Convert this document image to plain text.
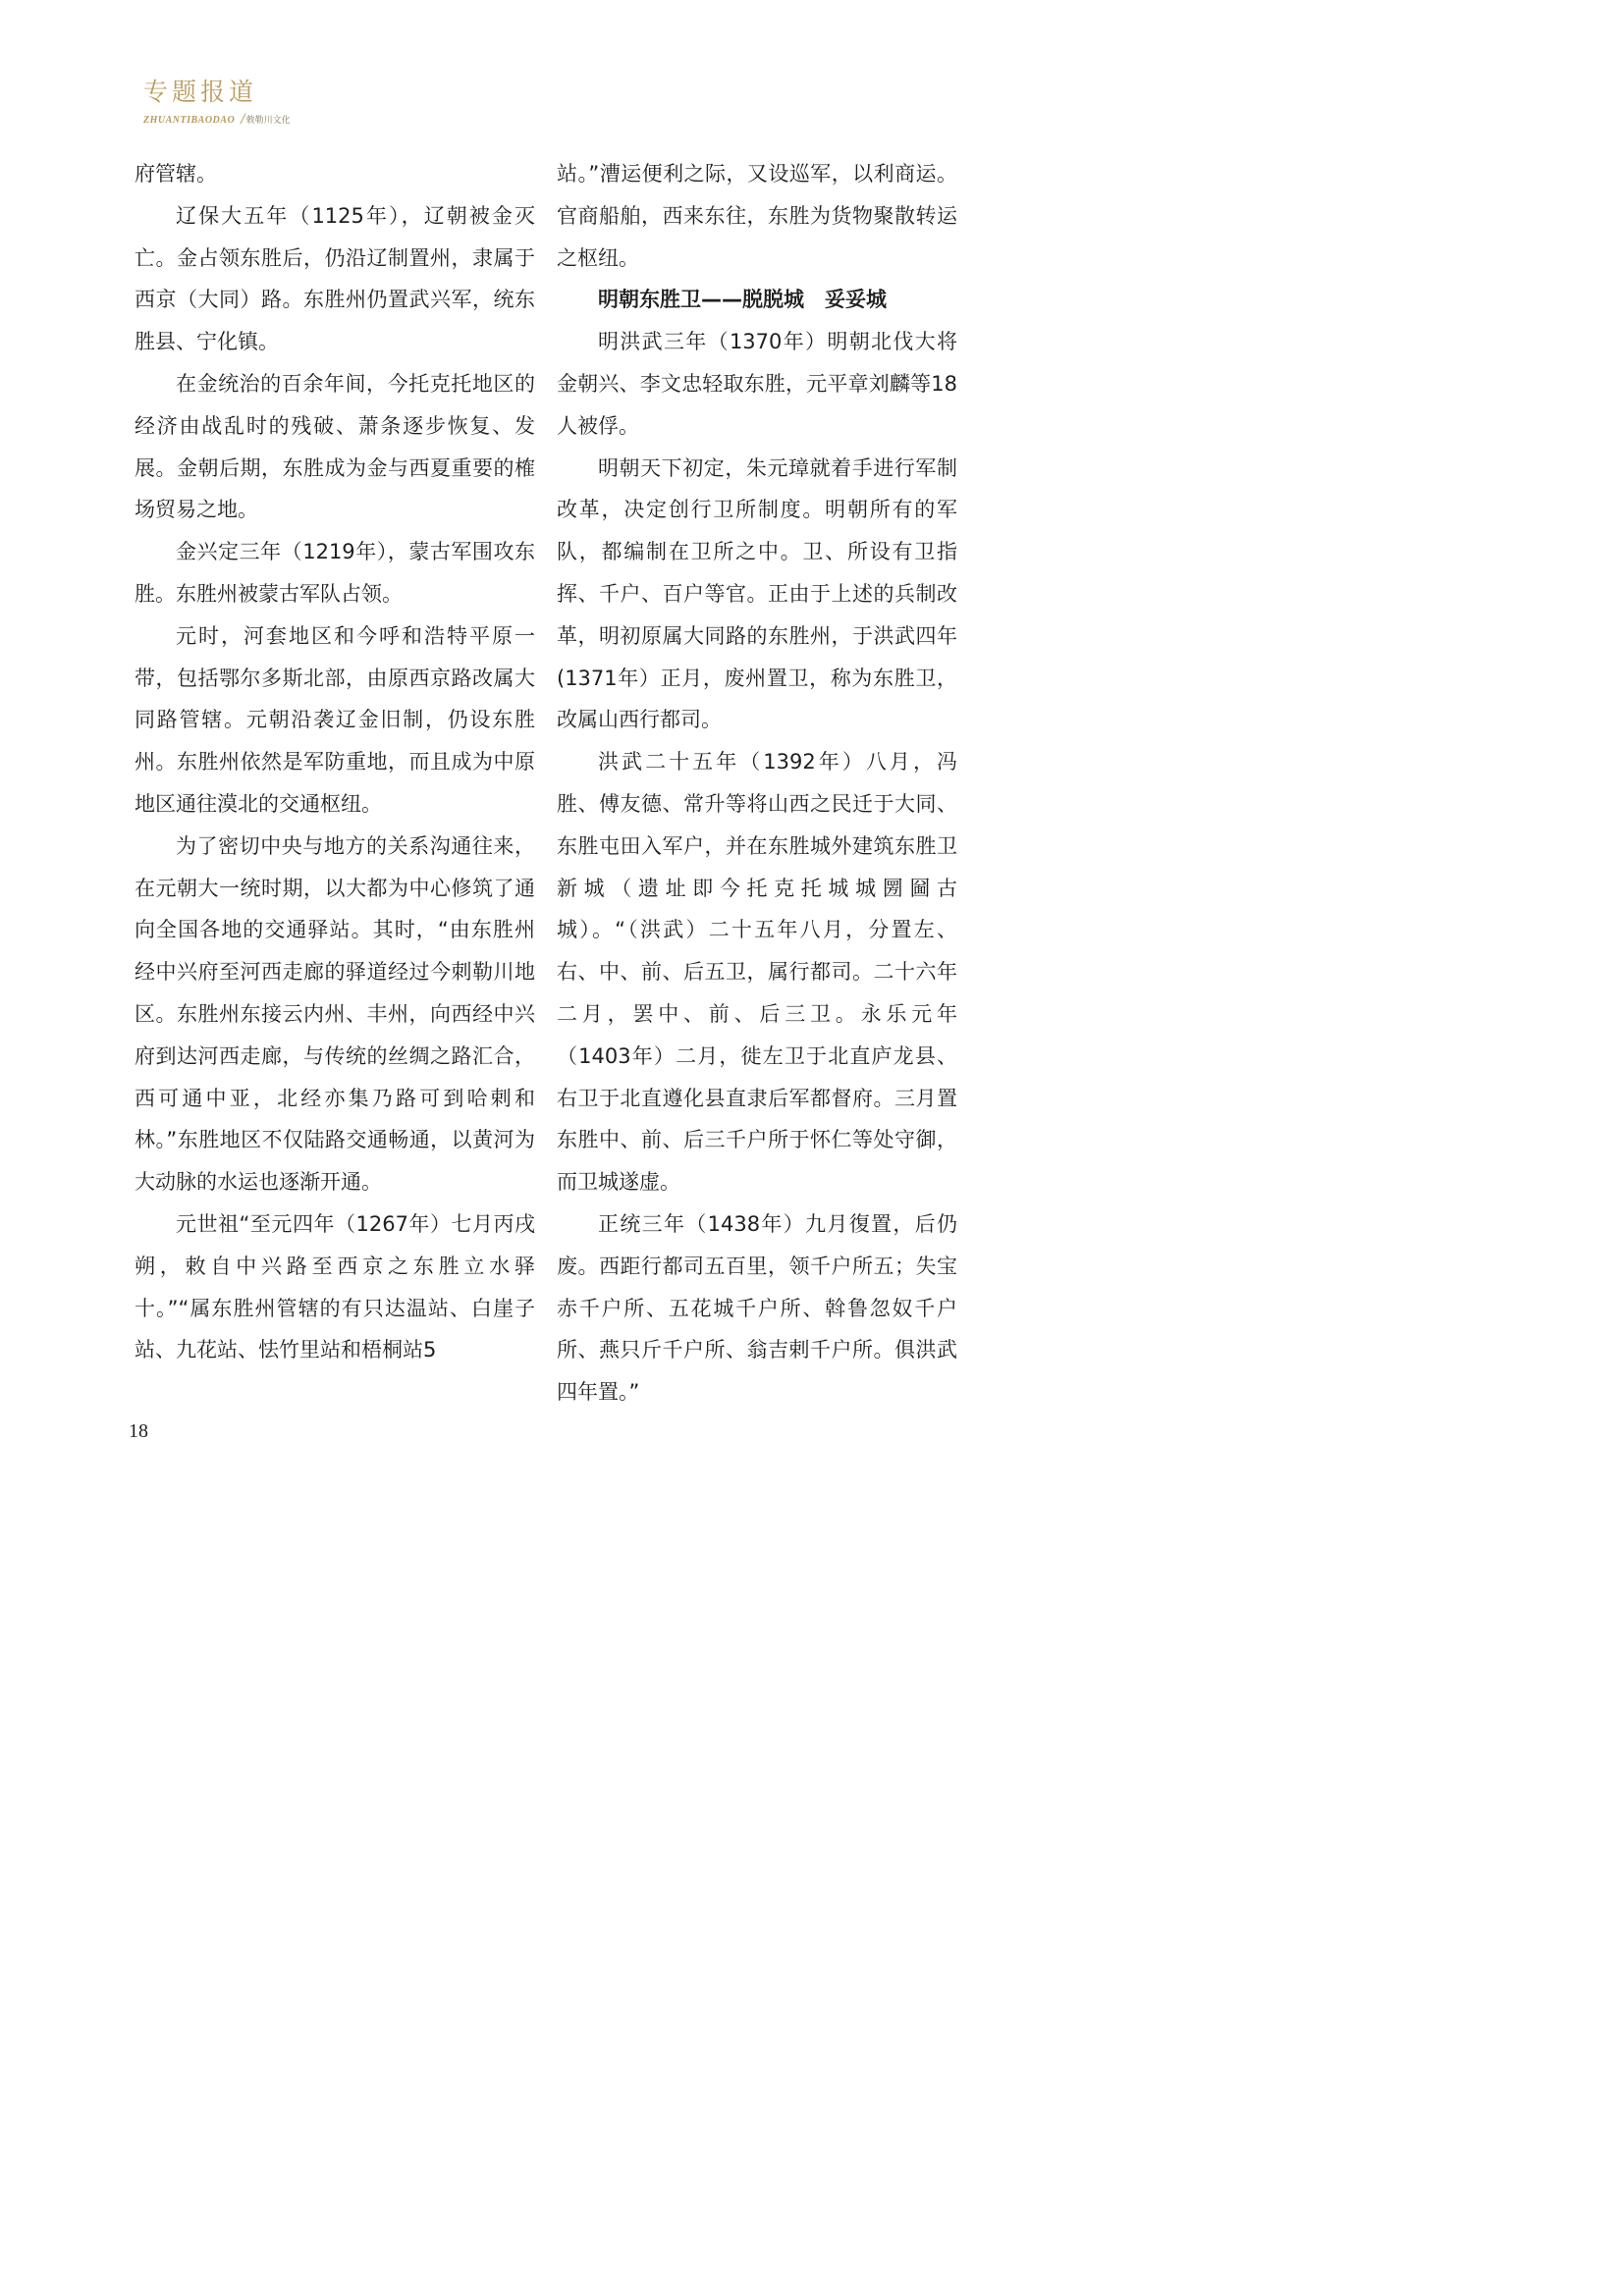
专题报道
ZHUANTIBAODAO /敕勒川文化

府管辖。

辽保大五年（1125年），辽朝被金灭亡。金占领东胜后，仍沿辽制置州，隶属于西京（大同）路。东胜州仍置武兴军，统东胜县、宁化镇。

在金统治的百余年间，今托克托地区的经济由战乱时的残破、萧条逐步恢复、发展。金朝后期，东胜成为金与西夏重要的榷场贸易之地。

金兴定三年（1219年），蒙古军围攻东胜。东胜州被蒙古军队占领。

元时，河套地区和今呼和浩特平原一带，包括鄂尔多斯北部，由原西京路改属大同路管辖。元朝沿袭辽金旧制，仍设东胜州。东胜州依然是军防重地，而且成为中原地区通往漠北的交通枢纽。

为了密切中央与地方的关系沟通往来，在元朝大一统时期，以大都为中心修筑了通向全国各地的交通驿站。其时，“由东胜州经中兴府至河西走廊的驿道经过今刺勒川地区。东胜州东接云内州、丰州，向西经中兴府到达河西走廊，与传统的丝绸之路汇合，西可通中亚，北经亦集乃路可到哈剌和林。”东胜地区不仅陆路交通畅通，以黄河为大动脉的水运也逐渐开通。

元世祖“至元四年（1267年）七月丙戌朔，敕自中兴路至西京之东胜立水驿十。”“属东胜州管辖的有只达温站、白崖子站、九花站、怯竹里站和梧桐站5

站。”漕运便利之际，又设巡军，以利商运。官商船舶，西来东往，东胜为货物聚散转运之枢纽。

明朝东胜卫——脱脱城　妥妥城

明洪武三年（1370年）明朝北伐大将金朝兴、李文忠轻取东胜，元平章刘麟等18人被俘。

明朝天下初定，朱元璋就着手进行军制改革，决定创行卫所制度。明朝所有的军队，都编制在卫所之中。卫、所设有卫指挥、千户、百户等官。正由于上述的兵制改革，明初原属大同路的东胜州，于洪武四年(1371年）正月，废州置卫，称为东胜卫，改属山西行都司。

洪武二十五年（1392年）八月，冯胜、傅友德、常升等将山西之民迁于大同、东胜屯田入军户，并在东胜城外建筑东胜卫新城（遗址即今托克托城城圐圙古城）。“（洪武）二十五年八月，分置左、右、中、前、后五卫，属行都司。二十六年二月，罢中、前、后三卫。永乐元年（1403年）二月，徙左卫于北直庐龙县、右卫于北直遵化县直隶后军都督府。三月置东胜中、前、后三千户所于怀仁等处守御，而卫城遂虚。

正统三年（1438年）九月復置，后仍废。西距行都司五百里，领千户所五；失宝赤千户所、五花城千户所、斡鲁忽奴千户所、燕只斤千户所、翁吉剌千户所。俱洪武四年置。”

18
